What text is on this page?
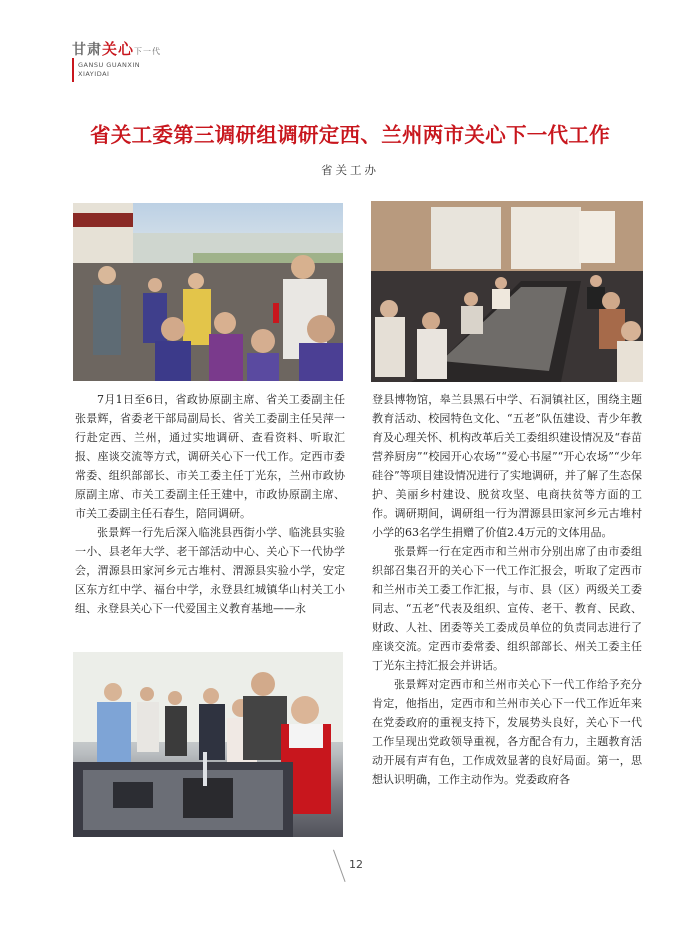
甘肃关心下一代
GANSU GUANXIN
XIAYIDAI
省关工委第三调研组调研定西、兰州两市关心下一代工作
省关工办

7月1日至6日，省政协原副主席、省关工委副主任张景辉，省委老干部局副局长、省关工委副主任吴萍一行赴定西、兰州，通过实地调研、查看资料、听取汇报、座谈交流等方式，调研关心下一代工作。定西市委常委、组织部部长、市关工委主任丁光东，兰州市政协原副主席、市关工委副主任王建中，市政协原副主席、市关工委副主任石春生，陪同调研。

张景辉一行先后深入临洮县西街小学、临洮县实验一小、县老年大学、老干部活动中心、关心下一代协学会，渭源县田家河乡元古堆村、渭源县实验小学，安定区东方红中学、福台中学，永登县红城镇华山村关工小组、永登县关心下一代爱国主义教育基地——永

登县博物馆，皋兰县黑石中学、石洞镇社区，围绕主题教育活动、校园特色文化、“五老”队伍建设、青少年教育及心理关怀、机构改革后关工委组织建设情况及“春苗营养厨房”“校园开心农场”“爱心书屋”“开心农场”“少年硅谷”等项目建设情况进行了实地调研，并了解了生态保护、美丽乡村建设、脱贫攻坚、电商扶贫等方面的工作。调研期间，调研组一行为渭源县田家河乡元古堆村小学的63名学生捐赠了价值2.4万元的文体用品。

张景辉一行在定西市和兰州市分别出席了由市委组织部召集召开的关心下一代工作汇报会，听取了定西市和兰州市关工委工作汇报，与市、县（区）两级关工委同志、“五老”代表及组织、宣传、老干、教育、民政、财政、人社、团委等关工委成员单位的负责同志进行了座谈交流。定西市委常委、组织部部长、州关工委主任丁光东主持汇报会并讲话。

张景辉对定西市和兰州市关心下一代工作给予充分肯定，他指出，定西市和兰州市关心下一代工作近年来在党委政府的重视支持下，发展势头良好，关心下一代工作呈现出党政领导重视，各方配合有力，主题教育活动开展有声有色，工作成效显著的良好局面。第一，思想认识明确，工作主动作为。党委政府各

12
